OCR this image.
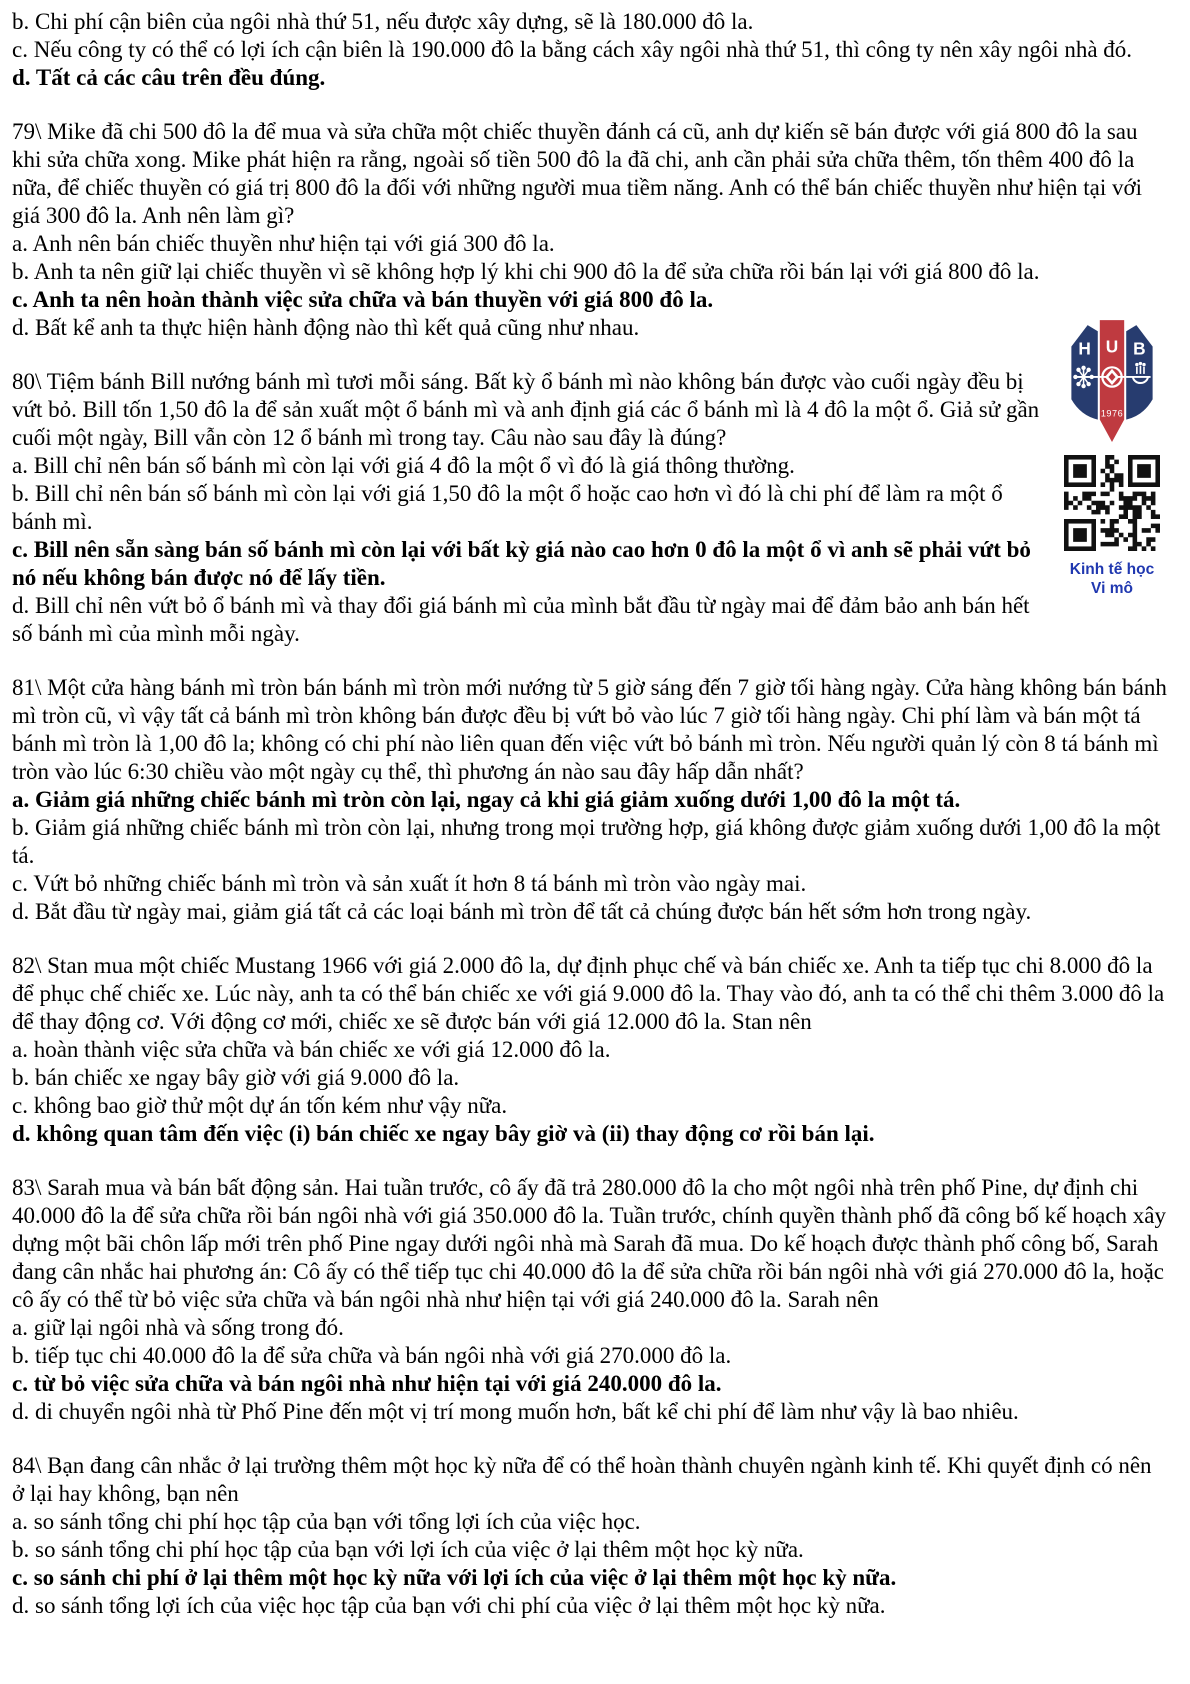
b. Chi phí cận biên của ngôi nhà thứ 51, nếu được xây dựng, sẽ là 180.000 đô la.
c. Nếu công ty có thể có lợi ích cận biên là 190.000 đô la bằng cách xây ngôi nhà thứ 51, thì công ty nên xây ngôi nhà đó.
d. Tất cả các câu trên đều đúng.
79\ Mike đã chi 500 đô la để mua và sửa chữa một chiếc thuyền đánh cá cũ, anh dự kiến sẽ bán được với giá 800 đô la sau khi sửa chữa xong. Mike phát hiện ra rằng, ngoài số tiền 500 đô la đã chi, anh cần phải sửa chữa thêm, tốn thêm 400 đô la nữa, để chiếc thuyền có giá trị 800 đô la đối với những người mua tiềm năng. Anh có thể bán chiếc thuyền như hiện tại với giá 300 đô la. Anh nên làm gì?
a. Anh nên bán chiếc thuyền như hiện tại với giá 300 đô la.
b. Anh ta nên giữ lại chiếc thuyền vì sẽ không hợp lý khi chi 900 đô la để sửa chữa rồi bán lại với giá 800 đô la.
c. Anh ta nên hoàn thành việc sửa chữa và bán thuyền với giá 800 đô la.
H U B
1976
Kinh tế học
Vi mô
d. Bất kể anh ta thực hiện hành động nào thì kết quả cũng như nhau.
80\ Tiệm bánh Bill nướng bánh mì tươi mỗi sáng. Bất kỳ ổ bánh mì nào không bán được vào cuối ngày đều bị vứt bỏ. Bill tốn 1,50 đô la để sản xuất một ổ bánh mì và anh định giá các ổ bánh mì là 4 đô la một ổ. Giả sử gần cuối một ngày, Bill vẫn còn 12 ổ bánh mì trong tay. Câu nào sau đây là đúng?
a. Bill chỉ nên bán số bánh mì còn lại với giá 4 đô la một ổ vì đó là giá thông thường.
b. Bill chỉ nên bán số bánh mì còn lại với giá 1,50 đô la một ổ hoặc cao hơn vì đó là chi phí để làm ra một ổ bánh mì.
c. Bill nên sẵn sàng bán số bánh mì còn lại với bất kỳ giá nào cao hơn 0 đô la một ổ vì anh sẽ phải vứt bỏ nó nếu không bán được nó để lấy tiền.
d. Bill chỉ nên vứt bỏ ổ bánh mì và thay đổi giá bánh mì của mình bắt đầu từ ngày mai để đảm bảo anh bán hết số bánh mì của mình mỗi ngày.
81\ Một cửa hàng bánh mì tròn bán bánh mì tròn mới nướng từ 5 giờ sáng đến 7 giờ tối hàng ngày. Cửa hàng không bán bánh mì tròn cũ, vì vậy tất cả bánh mì tròn không bán được đều bị vứt bỏ vào lúc 7 giờ tối hàng ngày. Chi phí làm và bán một tá bánh mì tròn là 1,00 đô la; không có chi phí nào liên quan đến việc vứt bỏ bánh mì tròn. Nếu người quản lý còn 8 tá bánh mì tròn vào lúc 6:30 chiều vào một ngày cụ thể, thì phương án nào sau đây hấp dẫn nhất?
a. Giảm giá những chiếc bánh mì tròn còn lại, ngay cả khi giá giảm xuống dưới 1,00 đô la một tá.
b. Giảm giá những chiếc bánh mì tròn còn lại, nhưng trong mọi trường hợp, giá không được giảm xuống dưới 1,00 đô la một tá.
c. Vứt bỏ những chiếc bánh mì tròn và sản xuất ít hơn 8 tá bánh mì tròn vào ngày mai.
d. Bắt đầu từ ngày mai, giảm giá tất cả các loại bánh mì tròn để tất cả chúng được bán hết sớm hơn trong ngày.
82\ Stan mua một chiếc Mustang 1966 với giá 2.000 đô la, dự định phục chế và bán chiếc xe. Anh ta tiếp tục chi 8.000 đô la để phục chế chiếc xe. Lúc này, anh ta có thể bán chiếc xe với giá 9.000 đô la. Thay vào đó, anh ta có thể chi thêm 3.000 đô la để thay động cơ. Với động cơ mới, chiếc xe sẽ được bán với giá 12.000 đô la. Stan nên
a. hoàn thành việc sửa chữa và bán chiếc xe với giá 12.000 đô la.
b. bán chiếc xe ngay bây giờ với giá 9.000 đô la.
c. không bao giờ thử một dự án tốn kém như vậy nữa.
d. không quan tâm đến việc (i) bán chiếc xe ngay bây giờ và (ii) thay động cơ rồi bán lại.
83\ Sarah mua và bán bất động sản. Hai tuần trước, cô ấy đã trả 280.000 đô la cho một ngôi nhà trên phố Pine, dự định chi 40.000 đô la để sửa chữa rồi bán ngôi nhà với giá 350.000 đô la. Tuần trước, chính quyền thành phố đã công bố kế hoạch xây dựng một bãi chôn lấp mới trên phố Pine ngay dưới ngôi nhà mà Sarah đã mua. Do kế hoạch được thành phố công bố, Sarah đang cân nhắc hai phương án: Cô ấy có thể tiếp tục chi 40.000 đô la để sửa chữa rồi bán ngôi nhà với giá 270.000 đô la, hoặc cô ấy có thể từ bỏ việc sửa chữa và bán ngôi nhà như hiện tại với giá 240.000 đô la. Sarah nên
a. giữ lại ngôi nhà và sống trong đó.
b. tiếp tục chi 40.000 đô la để sửa chữa và bán ngôi nhà với giá 270.000 đô la.
c. từ bỏ việc sửa chữa và bán ngôi nhà như hiện tại với giá 240.000 đô la.
d. di chuyển ngôi nhà từ Phố Pine đến một vị trí mong muốn hơn, bất kể chi phí để làm như vậy là bao nhiêu.
84\ Bạn đang cân nhắc ở lại trường thêm một học kỳ nữa để có thể hoàn thành chuyên ngành kinh tế. Khi quyết định có nên ở lại hay không, bạn nên
a. so sánh tổng chi phí học tập của bạn với tổng lợi ích của việc học.
b. so sánh tổng chi phí học tập của bạn với lợi ích của việc ở lại thêm một học kỳ nữa.
c. so sánh chi phí ở lại thêm một học kỳ nữa với lợi ích của việc ở lại thêm một học kỳ nữa.
d. so sánh tổng lợi ích của việc học tập của bạn với chi phí của việc ở lại thêm một học kỳ nữa.
